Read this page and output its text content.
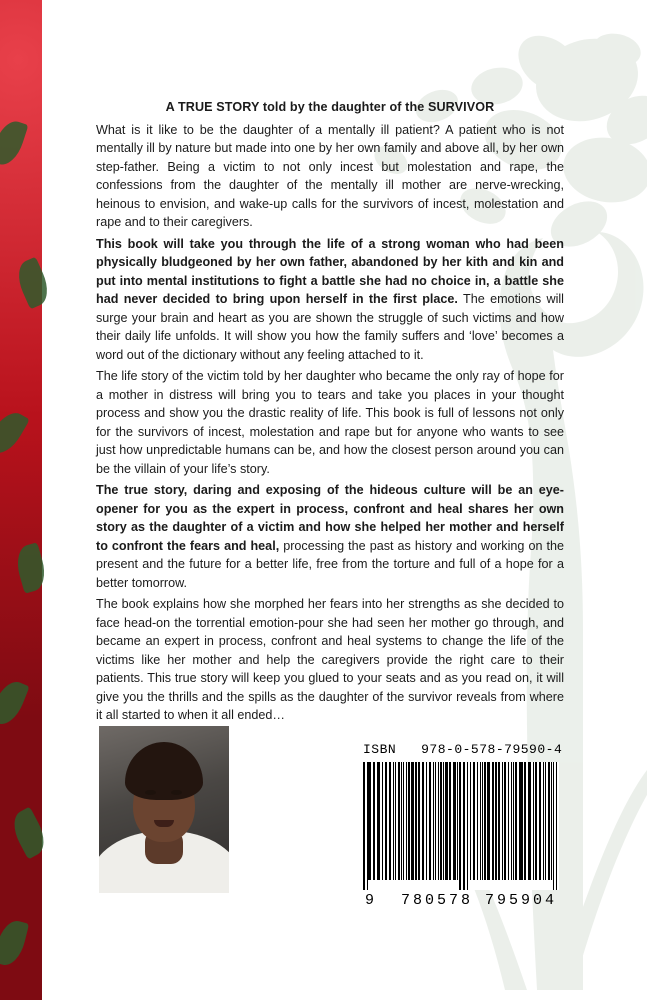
A TRUE STORY told by the daughter of the SURVIVOR

What is it like to be the daughter of a mentally ill patient? A patient who is not mentally ill by nature but made into one by her own family and above all, by her own step-father. Being a victim to not only incest but molestation and rape, the confessions from the daughter of the mentally ill mother are nerve-wrecking, heinous to envision, and wake-up calls for the survivors of incest, molestation and rape and to their caregivers.

This book will take you through the life of a strong woman who had been physically bludgeoned by her own father, abandoned by her kith and kin and put into mental institutions to fight a battle she had no choice in, a battle she had never decided to bring upon herself in the first place. The emotions will surge your brain and heart as you are shown the struggle of such victims and how their daily life unfolds. It will show you how the family suffers and ‘love’ becomes a word out of the dictionary without any feeling attached to it.

The life story of the victim told by her daughter who became the only ray of hope for a mother in distress will bring you to tears and take you places in your thought process and show you the drastic reality of life. This book is full of lessons not only for the survivors of incest, molestation and rape but for anyone who wants to see just how unpredictable humans can be, and how the closest person around you can be the villain of your life’s story.

The true story, daring and exposing of the hideous culture will be an eye-opener for you as the expert in process, confront and heal shares her own story as the daughter of a victim and how she helped her mother and herself to confront the fears and heal, processing the past as history and working on the present and the future for a better life, free from the torture and full of a hope for a better tomorrow.

The book explains how she morphed her fears into her strengths as she decided to face head-on the torrential emotion-pour she had seen her mother go through, and became an expert in process, confront and heal systems to change the life of the victims like her mother and help the caregivers provide the right care to their patients. This true story will keep you glued to your seats and as you read on, it will give you the thrills and the spills as the daughter of the survivor reveals from where it all started to when it all ended…

ISBN 978-0-578-79590-4
9 780578 795904
